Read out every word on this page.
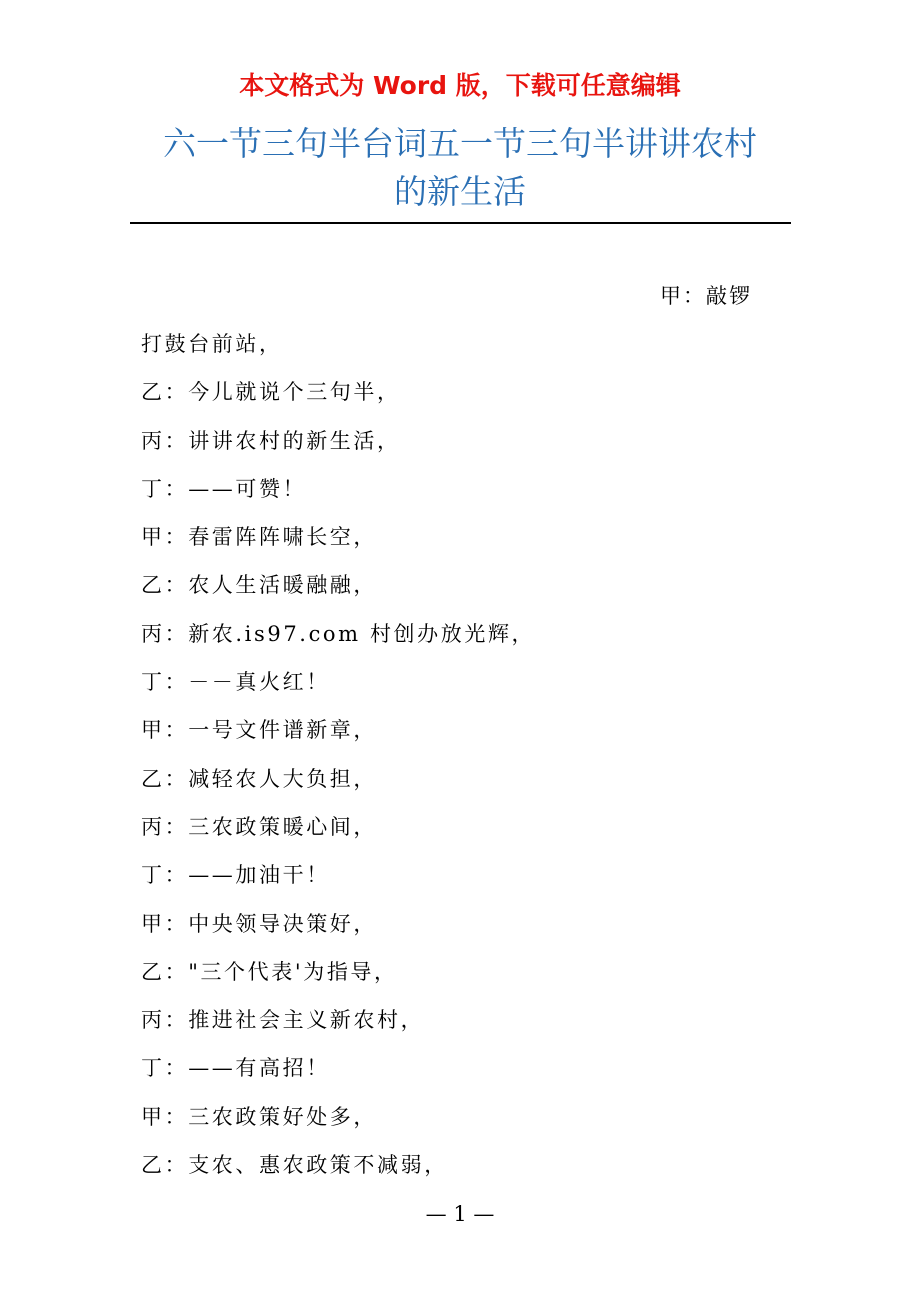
本文格式为 Word 版，下载可任意编辑
六一节三句半台词五一节三句半讲讲农村
的新生活
甲：敲锣
打鼓台前站，
乙：今儿就说个三句半，
丙：讲讲农村的新生活，
丁：——可赞！
甲：春雷阵阵啸长空，
乙：农人生活暖融融，
丙：新农.is97.com 村创办放光辉，
丁：－－真火红！
甲：一号文件谱新章，
乙：减轻农人大负担，
丙：三农政策暖心间，
丁：——加油干！
甲：中央领导决策好，
乙："三个代表'为指导，
丙：推进社会主义新农村，
丁：——有高招！
甲：三农政策好处多，
乙：支农、惠农政策不减弱，
— 1 —
